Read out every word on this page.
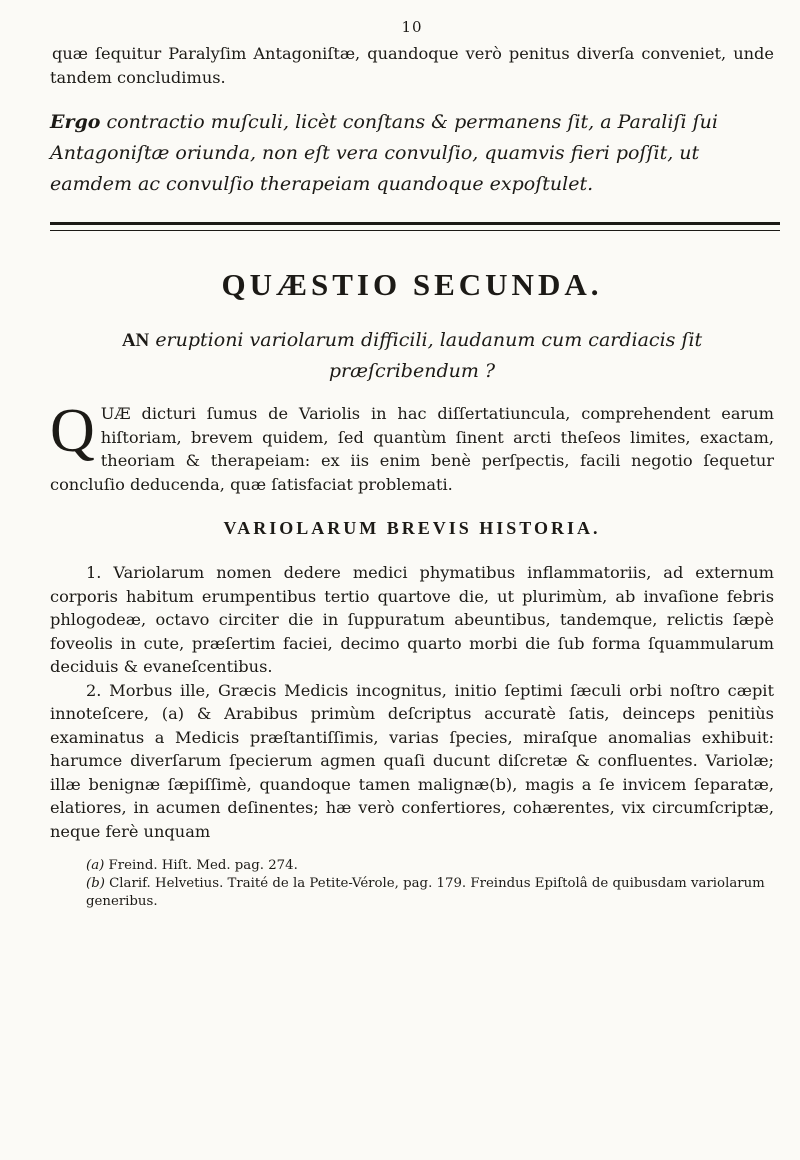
10

quæ ſequitur Paralyſim Antagoniſtæ, quandoque verò penitus diverſa conveniet, unde tandem concludimus.

Ergo contractio muſculi, licèt conſtans & permanens ſit, a Paraliſi ſui Antagoniſtæ oriunda, non eſt vera convulſio, quamvis fieri poſſit, ut eamdem ac convulſio therapeiam quandoque expoſtulet.

QUÆSTIO SECUNDA.

AN eruptioni variolarum difficili, laudanum cum cardiacis ſit præſcribendum ?

Q UÆ dicturi ſumus de Variolis in hac diſſertatiuncula, comprehendent earum hiſtoriam, brevem quidem, ſed quantùm ſinent arcti theſeos limites, exactam, theoriam & therapeiam: ex iis enim benè perſpectis, facili negotio ſequetur concluſio deducenda, quæ ſatisfaciat problemati.

VARIOLARUM BREVIS HISTORIA.

1. Variolarum nomen dedere medici phymatibus inflammatoriis, ad externum corporis habitum erumpentibus tertio quartove die, ut plurimùm, ab invaſione febris phlogodeæ, octavo circiter die in ſuppuratum abeuntibus, tandemque, relictis ſæpè foveolis in cute, præſertim faciei, decimo quarto morbi die ſub forma ſquammularum deciduis & evaneſcentibus.

2. Morbus ille, Græcis Medicis incognitus, initio ſeptimi ſæculi orbi noſtro cæpit innoteſcere, (a) & Arabibus primùm deſcriptus accuratè ſatis, deinceps penitiùs examinatus a Medicis præſtantiſſimis, varias ſpecies, miraſque anomalias exhibuit: harumce diverſarum ſpecierum agmen quaſi ducunt diſcretæ & confluentes. Variolæ; illæ benignæ ſæpiſſimè, quandoque tamen malignæ(b), magis a ſe invicem ſeparatæ, elatiores, in acumen deſinentes; hæ verò confertiores, cohærentes, vix circumſcriptæ, neque ferè unquam

(a) Freind. Hiſt. Med. pag. 274.

(b) Clarif. Helvetius. Traité de la Petite-Vérole, pag. 179. Freindus Epiſtolâ de quibusdam variolarum generibus.
